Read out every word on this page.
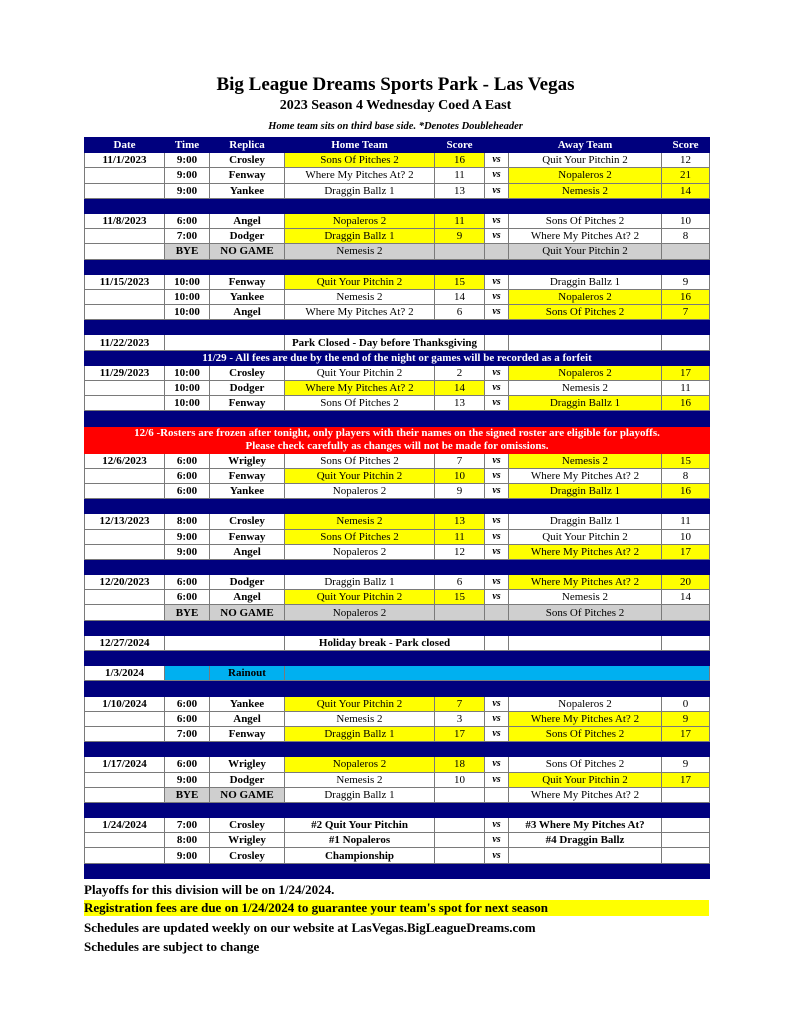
Big League Dreams Sports Park - Las Vegas
2023 Season 4 Wednesday Coed A East
Home team sits on third base side. *Denotes Doubleheader
Date	Time	Replica	Home Team	Score		Away Team	Score
11/1/2023	9:00	Crosley	Sons Of Pitches 2	16	vs	Quit Your Pitchin 2	12
	9:00	Fenway	Where My Pitches At? 2	11	vs	Nopaleros 2	21
	9:00	Yankee	Draggin Ballz 1	13	vs	Nemesis 2	14

11/8/2023	6:00	Angel	Nopaleros 2	11	vs	Sons Of Pitches 2	10
	7:00	Dodger	Draggin Ballz 1	9	vs	Where My Pitches At? 2	8
	BYE	NO GAME	Nemesis 2			Quit Your Pitchin 2	

11/15/2023	10:00	Fenway	Quit Your Pitchin 2	15	vs	Draggin Ballz 1	9
	10:00	Yankee	Nemesis 2	14	vs	Nopaleros 2	16
	10:00	Angel	Where My Pitches At? 2	6	vs	Sons Of Pitches 2	7

11/22/2023			Park Closed - Day before Thanksgiving				
11/29 - All fees are due by the end of the night or games will be recorded as a forfeit							
11/29/2023	10:00	Crosley	Quit Your Pitchin 2	2	vs	Nopaleros 2	17
	10:00	Dodger	Where My Pitches At? 2	14	vs	Nemesis 2	11
	10:00	Fenway	Sons Of Pitches 2	13	vs	Draggin Ballz 1	16

12/6 -Rosters are frozen after tonight, only players with their names on the signed roster are eligible for playoffs.
Please check carefully as changes will not be made for omissions.							

12/6/2023	6:00	Wrigley	Sons Of Pitches 2	7	vs	Nemesis 2	15
	6:00	Fenway	Quit Your Pitchin 2	10	vs	Where My Pitches At? 2	8
	6:00	Yankee	Nopaleros 2	9	vs	Draggin Ballz 1	16

12/13/2023	8:00	Crosley	Nemesis 2	13	vs	Draggin Ballz 1	11
	9:00	Fenway	Sons Of Pitches 2	11	vs	Quit Your Pitchin 2	10
	9:00	Angel	Nopaleros 2	12	vs	Where My Pitches At? 2	17

12/20/2023	6:00	Dodger	Draggin Ballz 1	6	vs	Where My Pitches At? 2	20
	6:00	Angel	Quit Your Pitchin 2	15	vs	Nemesis 2	14
	BYE	NO GAME	Nopaleros 2			Sons Of Pitches 2	

12/27/2024			Holiday break - Park closed				

1/3/2024		Rainout					

1/10/2024	6:00	Yankee	Quit Your Pitchin 2	7	vs	Nopaleros 2	0
	6:00	Angel	Nemesis 2	3	vs	Where My Pitches At? 2	9
	7:00	Fenway	Draggin Ballz 1	17	vs	Sons Of Pitches 2	17

1/17/2024	6:00	Wrigley	Nopaleros 2	18	vs	Sons Of Pitches 2	9
	9:00	Dodger	Nemesis 2	10	vs	Quit Your Pitchin 2	17
	BYE	NO GAME	Draggin Ballz 1			Where My Pitches At? 2	

1/24/2024	7:00	Crosley	#2 Quit Your Pitchin		vs	#3 Where My Pitches At?	
	8:00	Wrigley	#1 Nopaleros		vs	#4 Draggin Ballz	
	9:00	Crosley	Championship		vs		

Playoffs for this division will be on 1/24/2024.
Registration fees are due on 1/24/2024 to guarantee your team's spot for next season
Schedules are updated weekly on our website at LasVegas.BigLeagueDreams.com
Schedules are subject to change
